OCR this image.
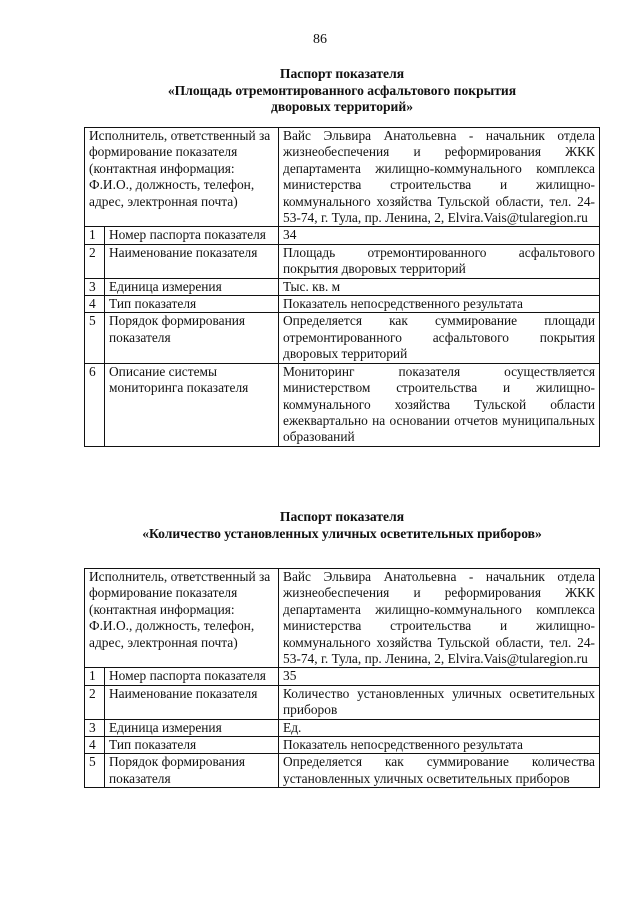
86
Паспорт показателя
«Площадь отремонтированного асфальтового покрытия
дворовых территорий»
Исполнитель, ответственный за формирование показателя (контактная информация: Ф.И.О., должность, телефон, адрес, электронная почта)		Вайс Эльвира Анатольевна - начальник отдела жизнеобеспечения и реформирования ЖКК департамента жилищно-коммунального комплекса министерства строительства и жилищно-коммунального хозяйства Тульской области, тел. 24-53-74, г. Тула, пр. Ленина, 2, Elvira.Vais@tularegion.ru
1	Номер паспорта показателя	34
2	Наименование показателя	Площадь отремонтированного асфальтового покрытия дворовых территорий
3	Единица измерения	Тыс. кв. м
4	Тип показателя	Показатель непосредственного результата
5	Порядок формирования показателя	Определяется как суммирование площади отремонтированного асфальтового покрытия дворовых территорий
6	Описание системы мониторинга показателя	Мониторинг показателя осуществляется министерством строительства и жилищно-коммунального хозяйства Тульской области ежеквартально на основании отчетов муниципальных образований
Паспорт показателя
«Количество установленных уличных осветительных приборов»
Исполнитель, ответственный за формирование показателя (контактная информация: Ф.И.О., должность, телефон, адрес, электронная почта)		Вайс Эльвира Анатольевна - начальник отдела жизнеобеспечения и реформирования ЖКК департамента жилищно-коммунального комплекса министерства строительства и жилищно-коммунального хозяйства Тульской области, тел. 24-53-74, г. Тула, пр. Ленина, 2, Elvira.Vais@tularegion.ru
1	Номер паспорта показателя	35
2	Наименование показателя	Количество установленных уличных осветительных приборов
3	Единица измерения	Ед.
4	Тип показателя	Показатель непосредственного результата
5	Порядок формирования показателя	Определяется как суммирование количества установленных уличных осветительных приборов
